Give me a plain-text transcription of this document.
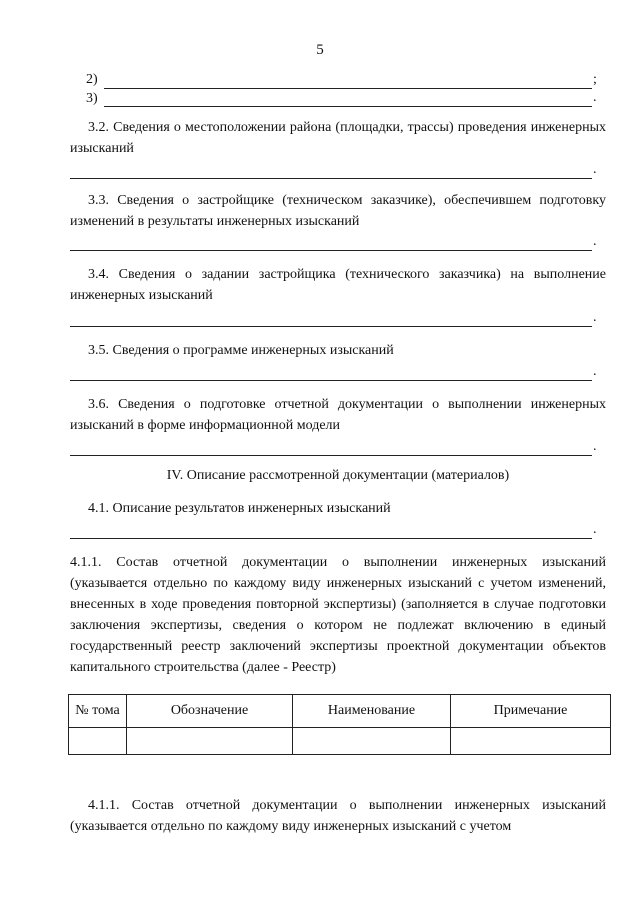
5
2)	;
3)	.
3.2. Сведения о местоположении района (площадки, трассы) проведения инженерных изысканий
.
3.3. Сведения о застройщике (техническом заказчике), обеспечившем подготовку изменений в результаты инженерных изысканий
.
3.4. Сведения о задании застройщика (технического заказчика) на выполнение инженерных изысканий
.
3.5. Сведения о программе инженерных изысканий
.
3.6. Сведения о подготовке отчетной документации о выполнении инженерных изысканий в форме информационной модели
.
IV. Описание рассмотренной документации (материалов)
4.1. Описание результатов инженерных изысканий
.
4.1.1. Состав отчетной документации о выполнении инженерных изысканий (указывается отдельно по каждому виду инженерных изысканий с учетом изменений, внесенных в ходе проведения повторной экспертизы) (заполняется в случае подготовки заключения экспертизы, сведения о котором не подлежат включению в единый государственный реестр заключений экспертизы проектной документации объектов капитального строительства (далее - Реестр)
№ тома	Обозначение	Наименование	Примечание

4.1.1. Состав отчетной документации о выполнении инженерных изысканий (указывается отдельно по каждому виду инженерных изысканий с учетом
